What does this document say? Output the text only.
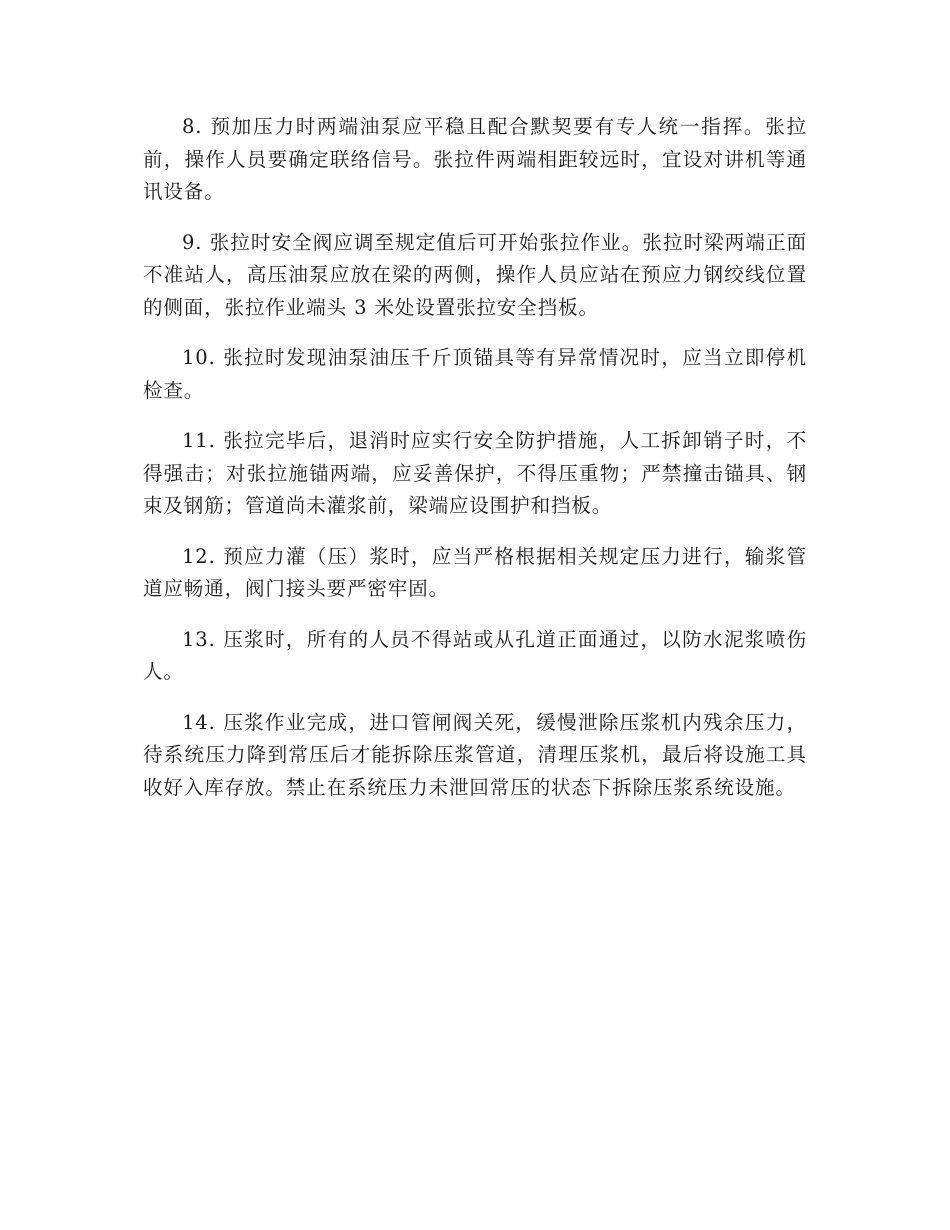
8. 预加压力时两端油泵应平稳且配合默契要有专人统一指挥。张拉前，操作人员要确定联络信号。张拉件两端相距较远时，宜设对讲机等通讯设备。

9. 张拉时安全阀应调至规定值后可开始张拉作业。张拉时梁两端正面不准站人，高压油泵应放在梁的两侧，操作人员应站在预应力钢绞线位置的侧面，张拉作业端头 3 米处设置张拉安全挡板。

10. 张拉时发现油泵油压千斤顶锚具等有异常情况时，应当立即停机检查。

11. 张拉完毕后，退消时应实行安全防护措施，人工拆卸销子时，不得强击；对张拉施锚两端，应妥善保护，不得压重物；严禁撞击锚具、钢束及钢筋；管道尚未灌浆前，梁端应设围护和挡板。

12. 预应力灌（压）浆时，应当严格根据相关规定压力进行，输浆管道应畅通，阀门接头要严密牢固。

13. 压浆时，所有的人员不得站或从孔道正面通过，以防水泥浆喷伤人。

14. 压浆作业完成，进口管闸阀关死，缓慢泄除压浆机内残余压力，待系统压力降到常压后才能拆除压浆管道，清理压浆机，最后将设施工具收好入库存放。禁止在系统压力未泄回常压的状态下拆除压浆系统设施。
